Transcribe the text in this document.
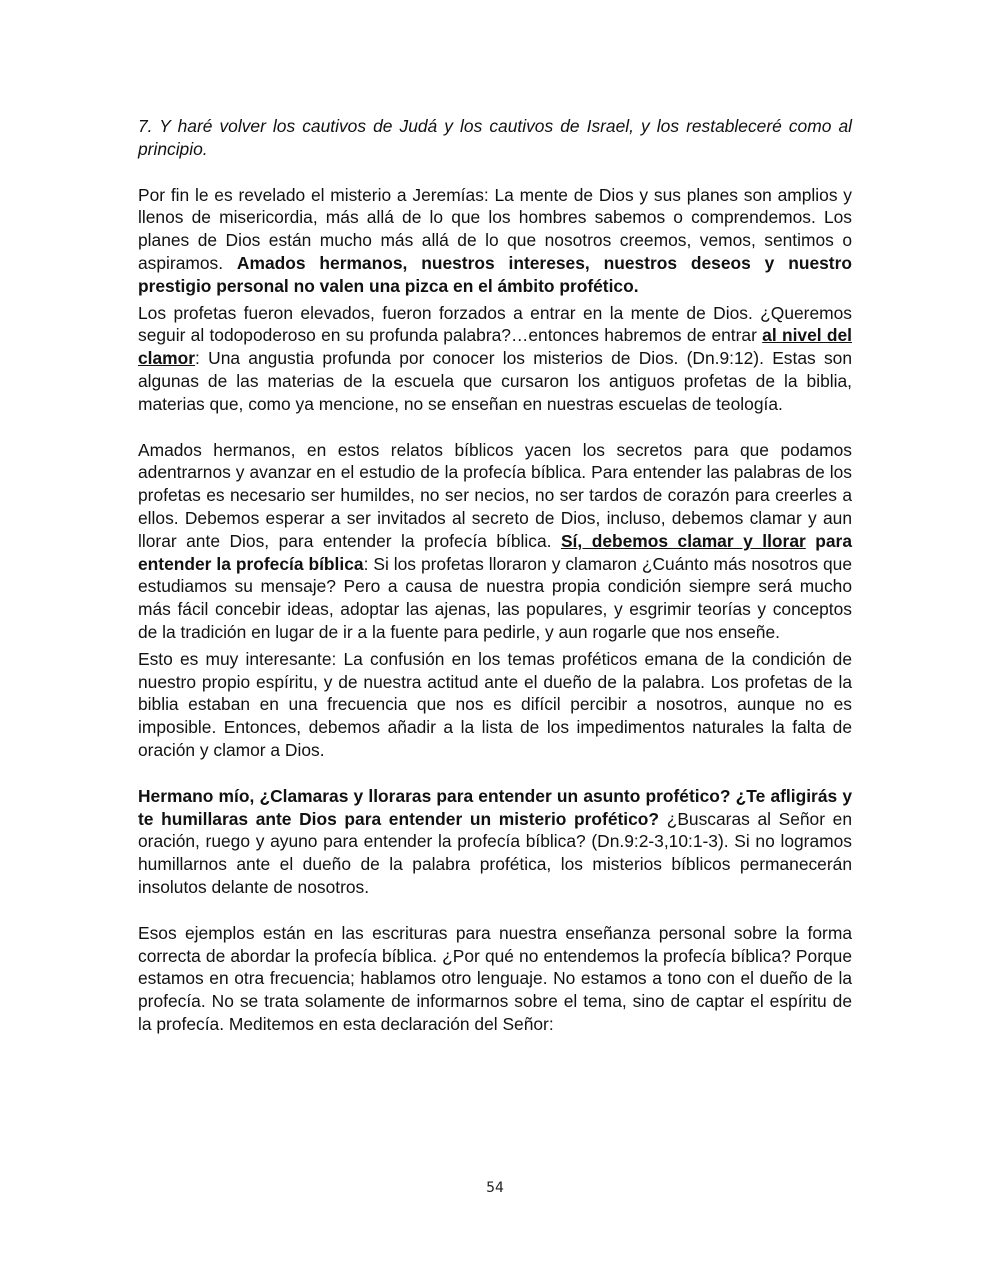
7. Y haré volver los cautivos de Judá y los cautivos de Israel, y los restableceré como al principio.

Por fin le es revelado el misterio a Jeremías: La mente de Dios y sus planes son amplios y llenos de misericordia, más allá de lo que los hombres sabemos o comprendemos. Los planes de Dios están mucho más allá de lo que nosotros creemos, vemos, sentimos o aspiramos. Amados hermanos, nuestros intereses, nuestros deseos y nuestro prestigio personal no valen una pizca en el ámbito profético.

Los profetas fueron elevados, fueron forzados a entrar en la mente de Dios. ¿Queremos seguir al todopoderoso en su profunda palabra?…entonces habremos de entrar al nivel del clamor: Una angustia profunda por conocer los misterios de Dios. (Dn.9:12). Estas son algunas de las materias de la escuela que cursaron los antiguos profetas de la biblia, materias que, como ya mencione, no se enseñan en nuestras escuelas de teología.

Amados hermanos, en estos relatos bíblicos yacen los secretos para que podamos adentrarnos y avanzar en el estudio de la profecía bíblica. Para entender las palabras de los profetas es necesario ser humildes, no ser necios, no ser tardos de corazón para creerles a ellos. Debemos esperar a ser invitados al secreto de Dios, incluso, debemos clamar y aun llorar ante Dios, para entender la profecía bíblica. Sí, debemos clamar y llorar para entender la profecía bíblica: Si los profetas lloraron y clamaron ¿Cuánto más nosotros que estudiamos su mensaje? Pero a causa de nuestra propia condición siempre será mucho más fácil concebir ideas, adoptar las ajenas, las populares, y esgrimir teorías y conceptos de la tradición en lugar de ir a la fuente para pedirle, y aun rogarle que nos enseñe.

Esto es muy interesante: La confusión en los temas proféticos emana de la condición de nuestro propio espíritu, y de nuestra actitud ante el dueño de la palabra. Los profetas de la biblia estaban en una frecuencia que nos es difícil percibir a nosotros, aunque no es imposible. Entonces, debemos añadir a la lista de los impedimentos naturales la falta de oración y clamor a Dios.

Hermano mío, ¿Clamaras y lloraras para entender un asunto profético? ¿Te afligirás y te humillaras ante Dios para entender un misterio profético? ¿Buscaras al Señor en oración, ruego y ayuno para entender la profecía bíblica? (Dn.9:2-3,10:1-3). Si no logramos humillarnos ante el dueño de la palabra profética, los misterios bíblicos permanecerán insolutos delante de nosotros.

Esos ejemplos están en las escrituras para nuestra enseñanza personal sobre la forma correcta de abordar la profecía bíblica. ¿Por qué no entendemos la profecía bíblica? Porque estamos en otra frecuencia; hablamos otro lenguaje. No estamos a tono con el dueño de la profecía. No se trata solamente de informarnos sobre el tema, sino de captar el espíritu de la profecía. Meditemos en esta declaración del Señor:

54
